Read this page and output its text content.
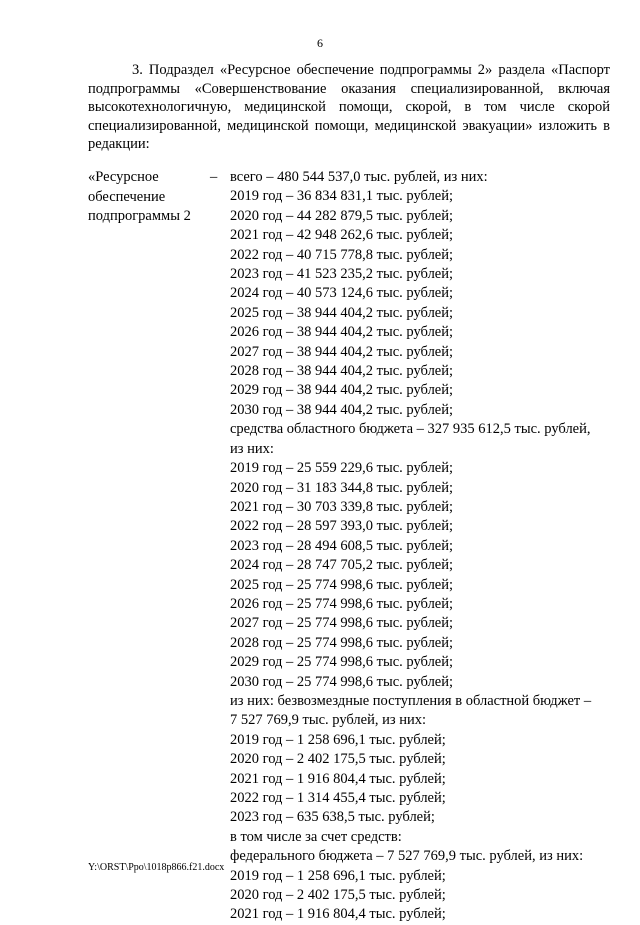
6

3. Подраздел «Ресурсное обеспечение подпрограммы 2» раздела «Паспорт подпрограммы «Совершенствование оказания специализированной, включая высокотехнологичную, медицинской помощи, скорой, в том числе скорой специализированной, медицинской помощи, медицинской эвакуации» изложить в редакции:

«Ресурсное
обеспечение
подпрограммы 2
– всего – 480 544 537,0 тыс. рублей, из них:
2019 год – 36 834 831,1 тыс. рублей;
2020 год – 44 282 879,5 тыс. рублей;
2021 год – 42 948 262,6 тыс. рублей;
2022 год – 40 715 778,8 тыс. рублей;
2023 год – 41 523 235,2 тыс. рублей;
2024 год – 40 573 124,6 тыс. рублей;
2025 год – 38 944 404,2 тыс. рублей;
2026 год – 38 944 404,2 тыс. рублей;
2027 год – 38 944 404,2 тыс. рублей;
2028 год – 38 944 404,2 тыс. рублей;
2029 год – 38 944 404,2 тыс. рублей;
2030 год – 38 944 404,2 тыс. рублей;
средства областного бюджета – 327 935 612,5 тыс. рублей,
из них:
2019 год – 25 559 229,6 тыс. рублей;
2020 год – 31 183 344,8 тыс. рублей;
2021 год – 30 703 339,8 тыс. рублей;
2022 год – 28 597 393,0 тыс. рублей;
2023 год – 28 494 608,5 тыс. рублей;
2024 год – 28 747 705,2 тыс. рублей;
2025 год – 25 774 998,6 тыс. рублей;
2026 год – 25 774 998,6 тыс. рублей;
2027 год – 25 774 998,6 тыс. рублей;
2028 год – 25 774 998,6 тыс. рублей;
2029 год – 25 774 998,6 тыс. рублей;
2030 год – 25 774 998,6 тыс. рублей;
из них: безвозмездные поступления в областной бюджет –
7 527 769,9 тыс. рублей, из них:
2019 год – 1 258 696,1 тыс. рублей;
2020 год – 2 402 175,5 тыс. рублей;
2021 год – 1 916 804,4 тыс. рублей;
2022 год – 1 314 455,4 тыс. рублей;
2023 год – 635 638,5 тыс. рублей;
в том числе за счет средств:
федерального бюджета – 7 527 769,9 тыс. рублей, из них:
2019 год – 1 258 696,1 тыс. рублей;
2020 год – 2 402 175,5 тыс. рублей;
2021 год – 1 916 804,4 тыс. рублей;
Y:\ORST\Ppo\1018p866.f21.docx
